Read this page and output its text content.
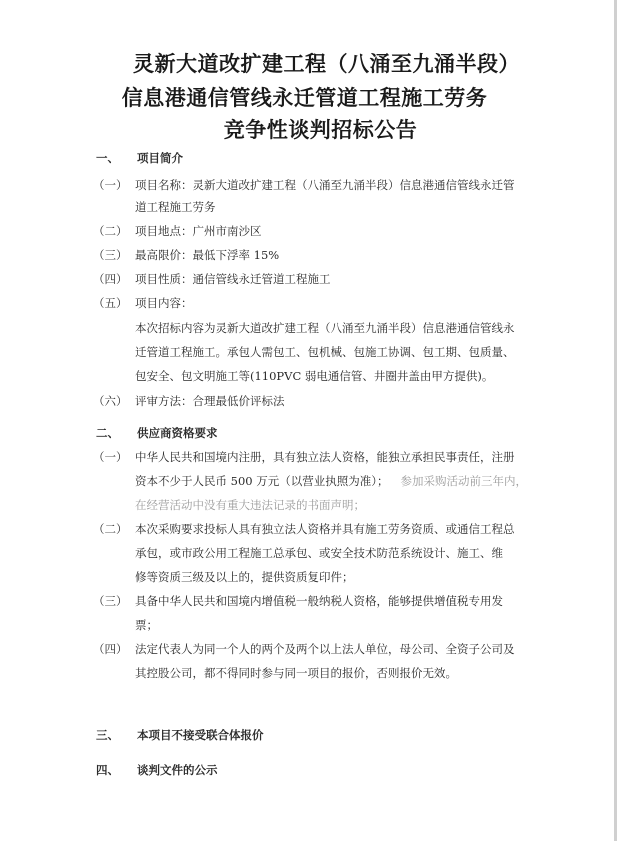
灵新大道改扩建工程（八涌至九涌半段）
信息港通信管线永迁管道工程施工劳务
竞争性谈判招标公告
一、 项目简介
（一） 项目名称：灵新大道改扩建工程（八涌至九涌半段）信息港通信管线永迁管
道工程施工劳务
（二） 项目地点：广州市南沙区
（三） 最高限价：最低下浮率 15%
（四） 项目性质：通信管线永迁管道工程施工
（五） 项目内容：
本次招标内容为灵新大道改扩建工程（八涌至九涌半段）信息港通信管线永
迁管道工程施工。承包人需包工、包机械、包施工协调、包工期、包质量、
包安全、包文明施工等(110PVC 弱电通信管、井圈井盖由甲方提供)。
（六） 评审方法：合理最低价评标法
二、 供应商资格要求
（一） 中华人民共和国境内注册，具有独立法人资格，能独立承担民事责任，注册
资本不少于人民币 500 万元（以营业执照为准）； 参加采购活动前三年内，
在经营活动中没有重大违法记录的书面声明；
（二） 本次采购要求投标人具有独立法人资格并具有施工劳务资质、或通信工程总
承包，或市政公用工程施工总承包、或安全技术防范系统设计、施工、维
修等资质三级及以上的，提供资质复印件；
（三） 具备中华人民共和国境内增值税一般纳税人资格，能够提供增值税专用发
票；
（四） 法定代表人为同一个人的两个及两个以上法人单位，母公司、全资子公司及
其控股公司，都不得同时参与同一项目的报价，否则报价无效。
三、 本项目不接受联合体报价
四、 谈判文件的公示
